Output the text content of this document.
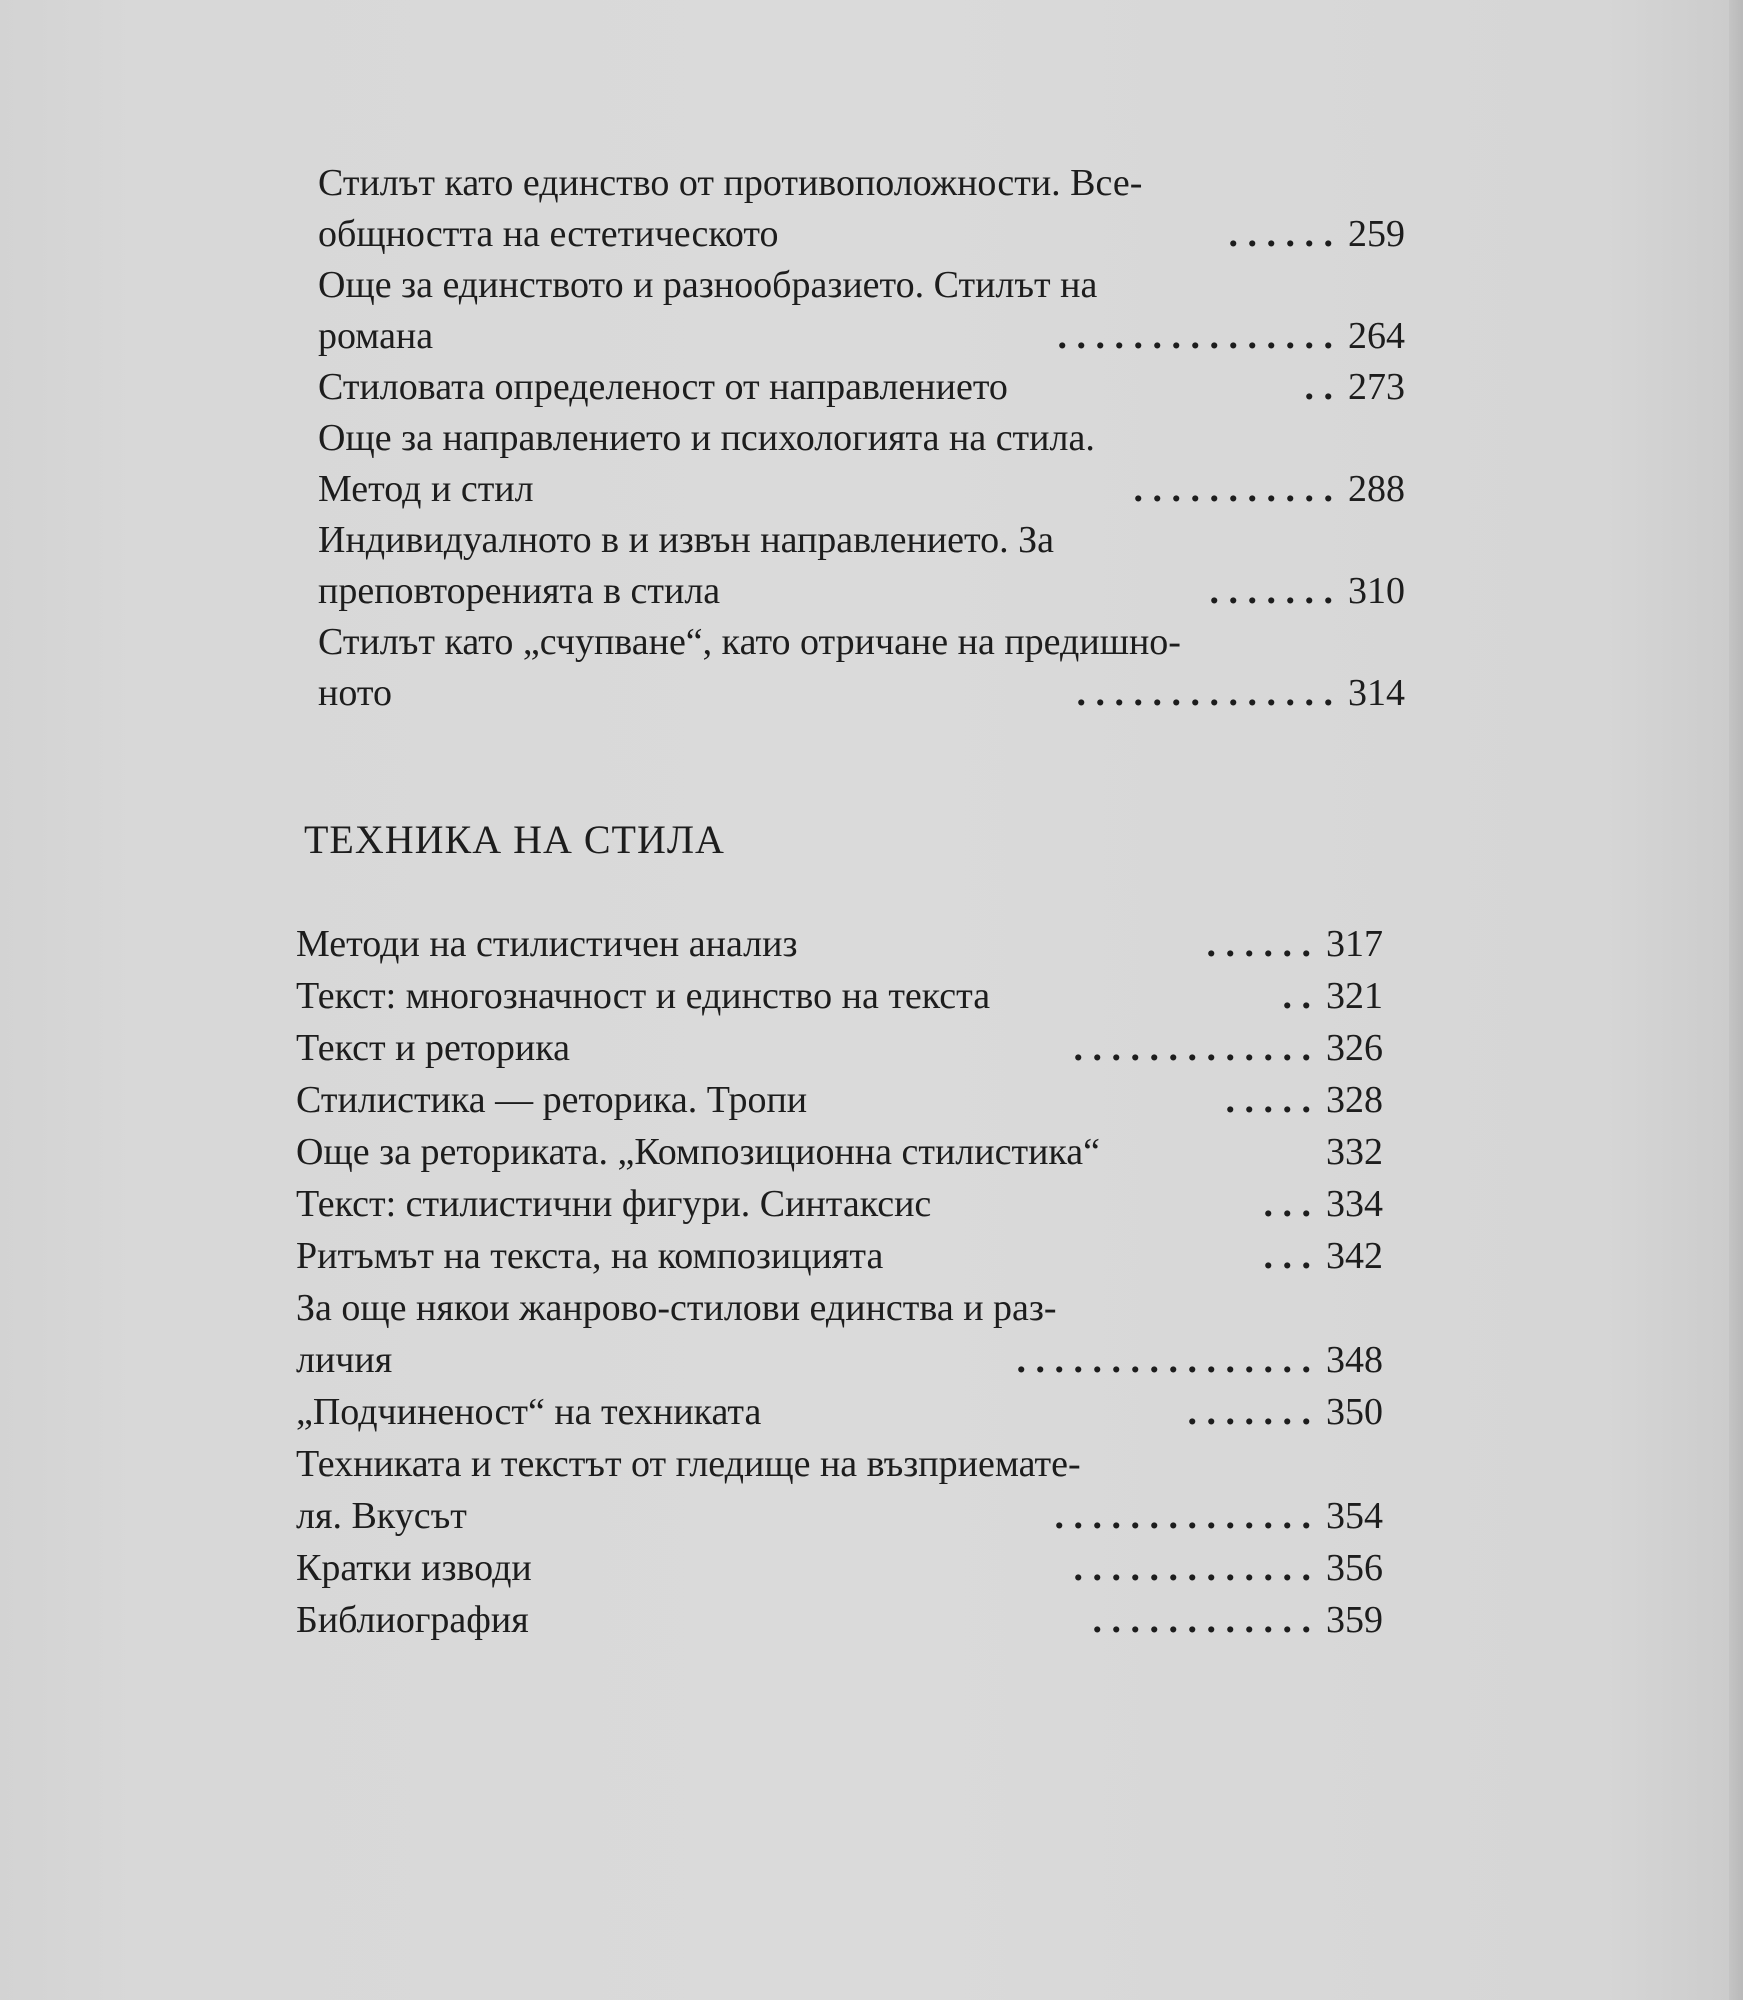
Стилът като единство от противоположности. Все-
общността на естетическото	. . . . . . 259
Още за единството и разнообразието. Стилът на
романа	. . . . . . . . . . . . . . . 264
Стиловата определеност от направлението	. . 273
Още за направлението и психологията на стила.
Метод и стил	. . . . . . . . . . . 288
Индивидуалното в и извън направлението. За
преповторенията в стила	. . . . . . . 310
Стилът като „счупване“, като отричане на предишно-
ното	. . . . . . . . . . . . . . 314
ТЕХНИКА НА СТИЛА
Методи на стилистичен анализ	. . . . . . 317
Текст: многозначност и единство на текста	. . 321
Текст и реторика	. . . . . . . . . . . . . 326
Стилистика — реторика. Тропи	. . . . . 328
Още за реториката. „Композиционна стилистика“	332
Текст: стилистични фигури. Синтаксис	. . . 334
Ритъмът на текста, на композицията	. . . 342
За още някои жанрово-стилови единства и раз-
личия	. . . . . . . . . . . . . . . . 348
„Подчиненост“ на техниката	. . . . . . . 350
Техниката и текстът от гледище на възприемате-
ля. Вкусът	. . . . . . . . . . . . . . 354
Кратки изводи	. . . . . . . . . . . . . 356
Библиография	. . . . . . . . . . . . 359
